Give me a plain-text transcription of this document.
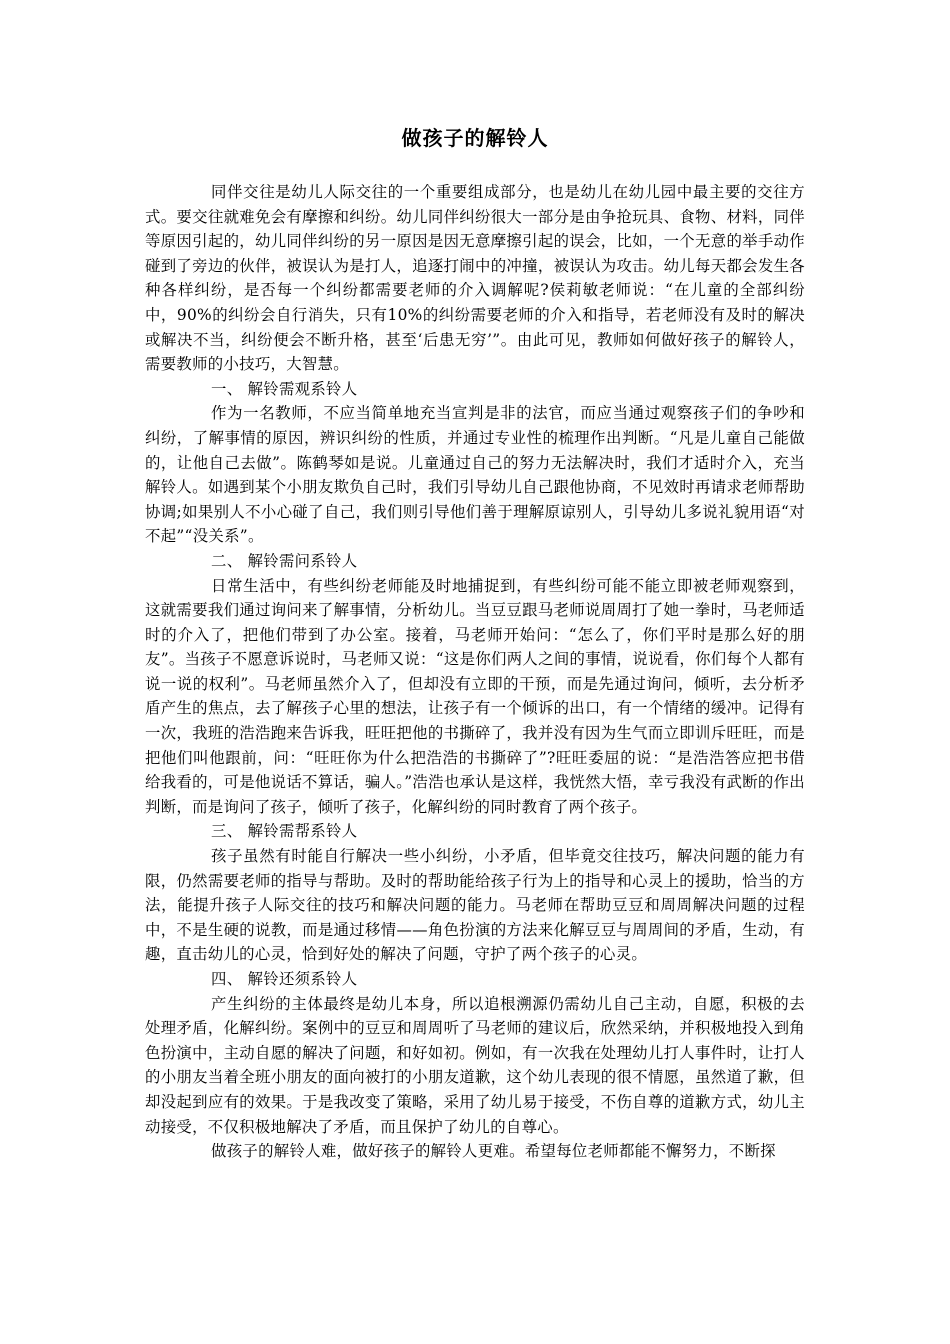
做孩子的解铃人

同伴交往是幼儿人际交往的一个重要组成部分，也是幼儿在幼儿园中最主要的交往方式。要交往就难免会有摩擦和纠纷。幼儿同伴纠纷很大一部分是由争抢玩具、食物、材料，同伴等原因引起的，幼儿同伴纠纷的另一原因是因无意摩擦引起的误会，比如，一个无意的举手动作碰到了旁边的伙伴，被误认为是打人，追逐打闹中的冲撞，被误认为攻击。幼儿每天都会发生各种各样纠纷，是否每一个纠纷都需要老师的介入调解呢?侯莉敏老师说：“在儿童的全部纠纷中，90%的纠纷会自行消失，只有10%的纠纷需要老师的介入和指导，若老师没有及时的解决或解决不当，纠纷便会不断升格，甚至‘后患无穷’”。由此可见，教师如何做好孩子的解铃人，需要教师的小技巧，大智慧。

一、 解铃需观系铃人

作为一名教师，不应当简单地充当宣判是非的法官，而应当通过观察孩子们的争吵和纠纷，了解事情的原因，辨识纠纷的性质，并通过专业性的梳理作出判断。“凡是儿童自己能做的，让他自己去做”。陈鹤琴如是说。儿童通过自己的努力无法解决时，我们才适时介入，充当解铃人。如遇到某个小朋友欺负自己时，我们引导幼儿自己跟他协商，不见效时再请求老师帮助协调;如果别人不小心碰了自己，我们则引导他们善于理解原谅别人，引导幼儿多说礼貌用语“对不起”“没关系”。

二、 解铃需问系铃人

日常生活中，有些纠纷老师能及时地捕捉到，有些纠纷可能不能立即被老师观察到，这就需要我们通过询问来了解事情，分析幼儿。当豆豆跟马老师说周周打了她一拳时，马老师适时的介入了，把他们带到了办公室。接着，马老师开始问：“怎么了，你们平时是那么好的朋友”。当孩子不愿意诉说时，马老师又说：“这是你们两人之间的事情，说说看，你们每个人都有说一说的权利”。马老师虽然介入了，但却没有立即的干预，而是先通过询问，倾听，去分析矛盾产生的焦点，去了解孩子心里的想法，让孩子有一个倾诉的出口，有一个情绪的缓冲。记得有一次，我班的浩浩跑来告诉我，旺旺把他的书撕碎了，我并没有因为生气而立即训斥旺旺，而是把他们叫他跟前，问：“旺旺你为什么把浩浩的书撕碎了”?旺旺委屈的说：“是浩浩答应把书借给我看的，可是他说话不算话，骗人。”浩浩也承认是这样，我恍然大悟，幸亏我没有武断的作出判断，而是询问了孩子，倾听了孩子，化解纠纷的同时教育了两个孩子。

三、 解铃需帮系铃人

孩子虽然有时能自行解决一些小纠纷，小矛盾，但毕竟交往技巧，解决问题的能力有限，仍然需要老师的指导与帮助。及时的帮助能给孩子行为上的指导和心灵上的援助，恰当的方法，能提升孩子人际交往的技巧和解决问题的能力。马老师在帮助豆豆和周周解决问题的过程中，不是生硬的说教，而是通过移情——角色扮演的方法来化解豆豆与周周间的矛盾，生动，有趣，直击幼儿的心灵，恰到好处的解决了问题，守护了两个孩子的心灵。

四、 解铃还须系铃人

产生纠纷的主体最终是幼儿本身，所以追根溯源仍需幼儿自己主动，自愿，积极的去处理矛盾，化解纠纷。案例中的豆豆和周周听了马老师的建议后，欣然采纳，并积极地投入到角色扮演中，主动自愿的解决了问题，和好如初。例如，有一次我在处理幼儿打人事件时，让打人的小朋友当着全班小朋友的面向被打的小朋友道歉，这个幼儿表现的很不情愿，虽然道了歉，但却没起到应有的效果。于是我改变了策略，采用了幼儿易于接受，不伤自尊的道歉方式，幼儿主动接受，不仅积极地解决了矛盾，而且保护了幼儿的自尊心。

做孩子的解铃人难，做好孩子的解铃人更难。希望每位老师都能不懈努力，不断探
